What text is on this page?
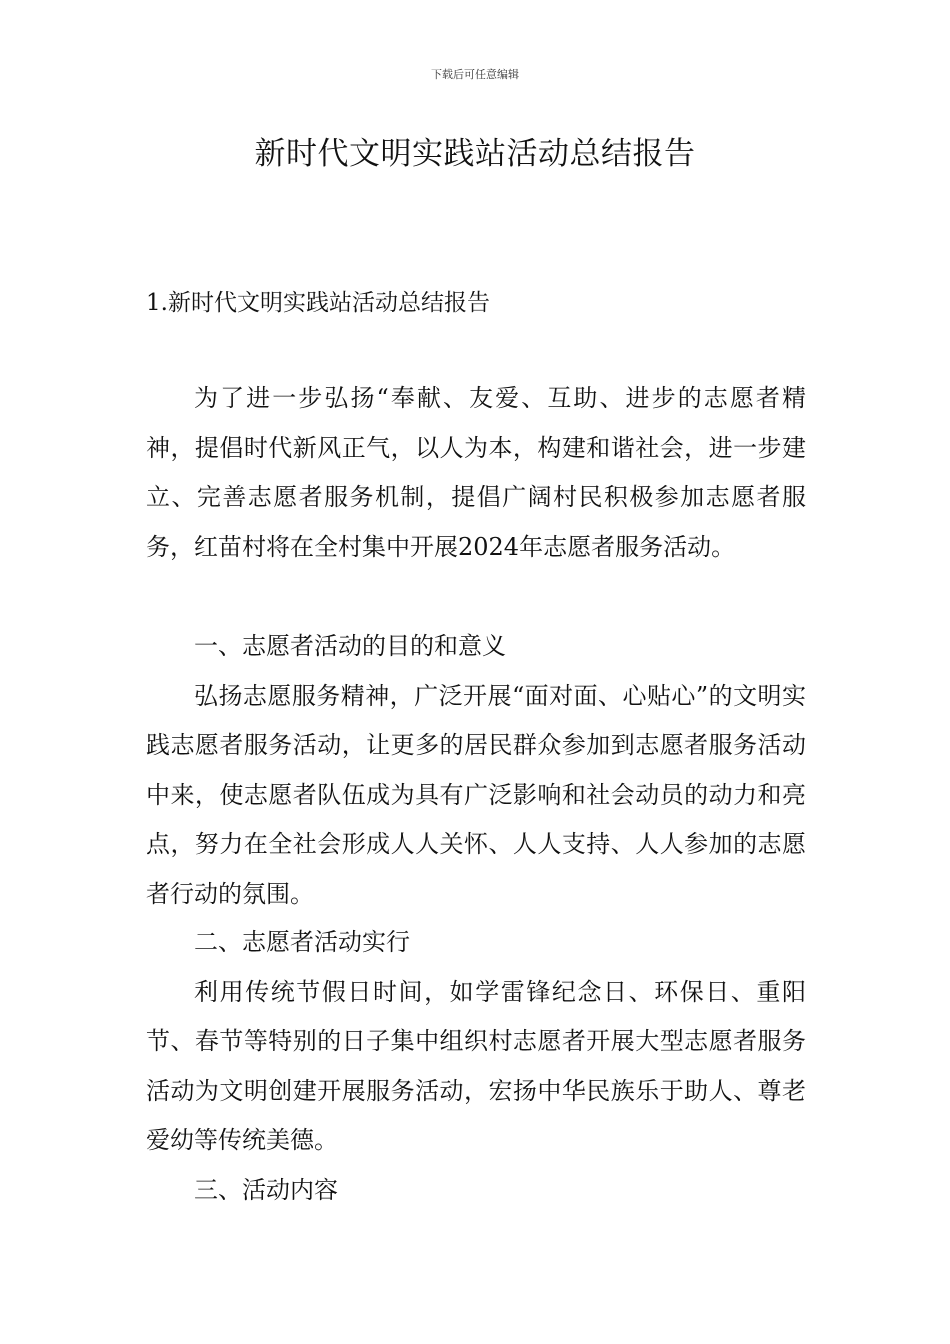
下载后可任意编辑
新时代文明实践站活动总结报告
1.新时代文明实践站活动总结报告

为了进一步弘扬“奉献、友爱、互助、进步的志愿者精神，提倡时代新风正气，以人为本，构建和谐社会，进一步建立、完善志愿者服务机制，提倡广阔村民积极参加志愿者服务，红苗村将在全村集中开展2024年志愿者服务活动。

一、志愿者活动的目的和意义

弘扬志愿服务精神，广泛开展“面对面、心贴心”的文明实践志愿者服务活动，让更多的居民群众参加到志愿者服务活动中来，使志愿者队伍成为具有广泛影响和社会动员的动力和亮点，努力在全社会形成人人关怀、人人支持、人人参加的志愿者行动的氛围。

二、志愿者活动实行

利用传统节假日时间，如学雷锋纪念日、环保日、重阳节、春节等特别的日子集中组织村志愿者开展大型志愿者服务活动为文明创建开展服务活动，宏扬中华民族乐于助人、尊老爱幼等传统美德。

三、活动内容
